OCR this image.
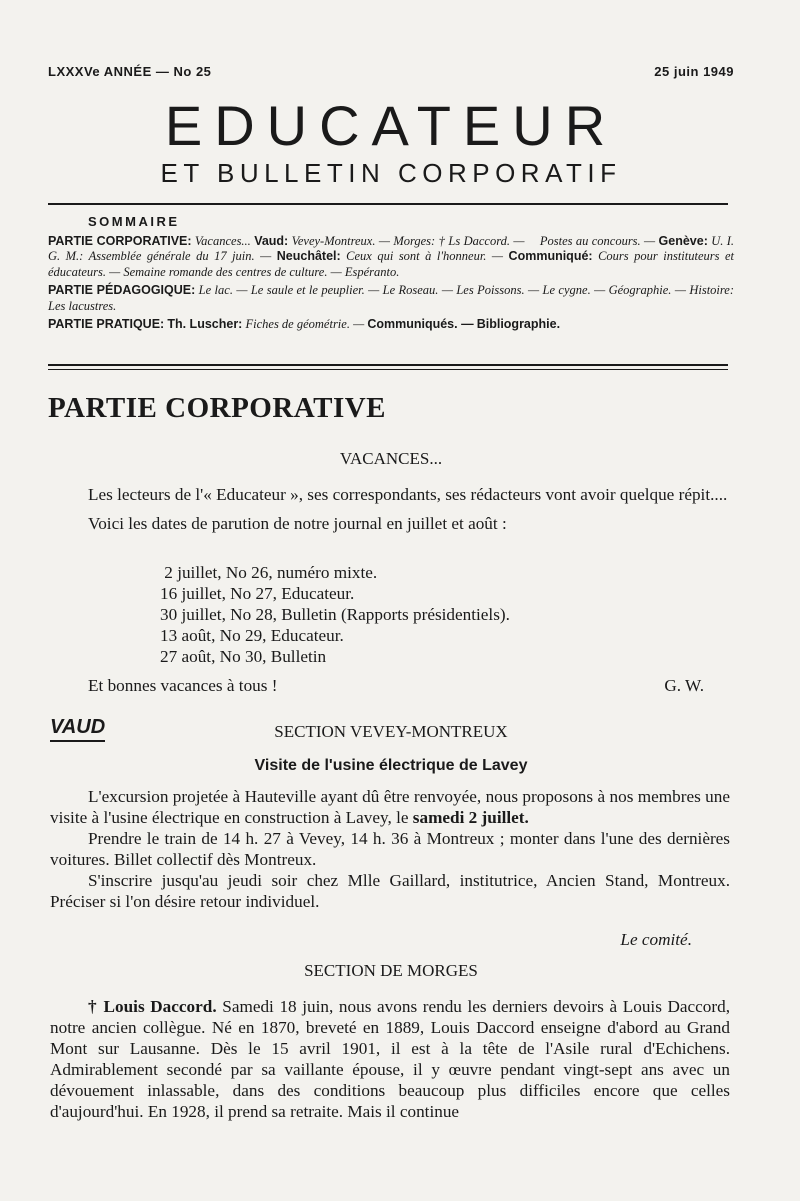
LXXXVe ANNÉE — No 25	25 juin 1949
EDUCATEUR
ET BULLETIN CORPORATIF
SOMMAIRE
PARTIE CORPORATIVE: Vacances... Vaud: Vevey-Montreux. — Morges: † Ls Daccord. — Postes au concours. — Genève: U. I. G. M.: Assemblée générale du 17 juin. — Neuchâtel: Ceux qui sont à l'honneur. — Communiqué: Cours pour instituteurs et éducateurs. — Semaine romande des centres de culture. — Espéranto.
PARTIE PÉDAGOGIQUE: Le lac. — Le saule et le peuplier. — Le Roseau. — Les Poissons. — Le cygne. — Géographie. — Histoire: Les lacustres.
PARTIE PRATIQUE: Th. Luscher: Fiches de géométrie. — Communiqués. — Bibliographie.
PARTIE CORPORATIVE
VACANCES...

Les lecteurs de l'« Educateur », ses correspondants, ses rédacteurs vont avoir quelque répit....

Voici les dates de parution de notre journal en juillet et août :

2 juillet, No 26, numéro mixte.
16 juillet, No 27, Educateur.
30 juillet, No 28, Bulletin (Rapports présidentiels).
13 août, No 29, Educateur.
27 août, No 30, Bulletin
Et bonnes vacances à tous !	G. W.
VAUD	SECTION VEVEY-MONTREUX
Visite de l'usine électrique de Lavey

L'excursion projetée à Hauteville ayant dû être renvoyée, nous proposons à nos membres une visite à l'usine électrique en construction à Lavey, le samedi 2 juillet.

Prendre le train de 14 h. 27 à Vevey, 14 h. 36 à Montreux ; monter dans l'une des dernières voitures. Billet collectif dès Montreux.

S'inscrire jusqu'au jeudi soir chez Mlle Gaillard, institutrice, Ancien Stand, Montreux. Préciser si l'on désire retour individuel.

Le comité.
SECTION DE MORGES

† Louis Daccord. Samedi 18 juin, nous avons rendu les derniers devoirs à Louis Daccord, notre ancien collègue. Né en 1870, breveté en 1889, Louis Daccord enseigne d'abord au Grand Mont sur Lausanne. Dès le 15 avril 1901, il est à la tête de l'Asile rural d'Echichens. Admirablement secondé par sa vaillante épouse, il y œuvre pendant vingt-sept ans avec un dévouement inlassable, dans des conditions beaucoup plus difficiles encore que celles d'aujourd'hui. En 1928, il prend sa retraite. Mais il continue
